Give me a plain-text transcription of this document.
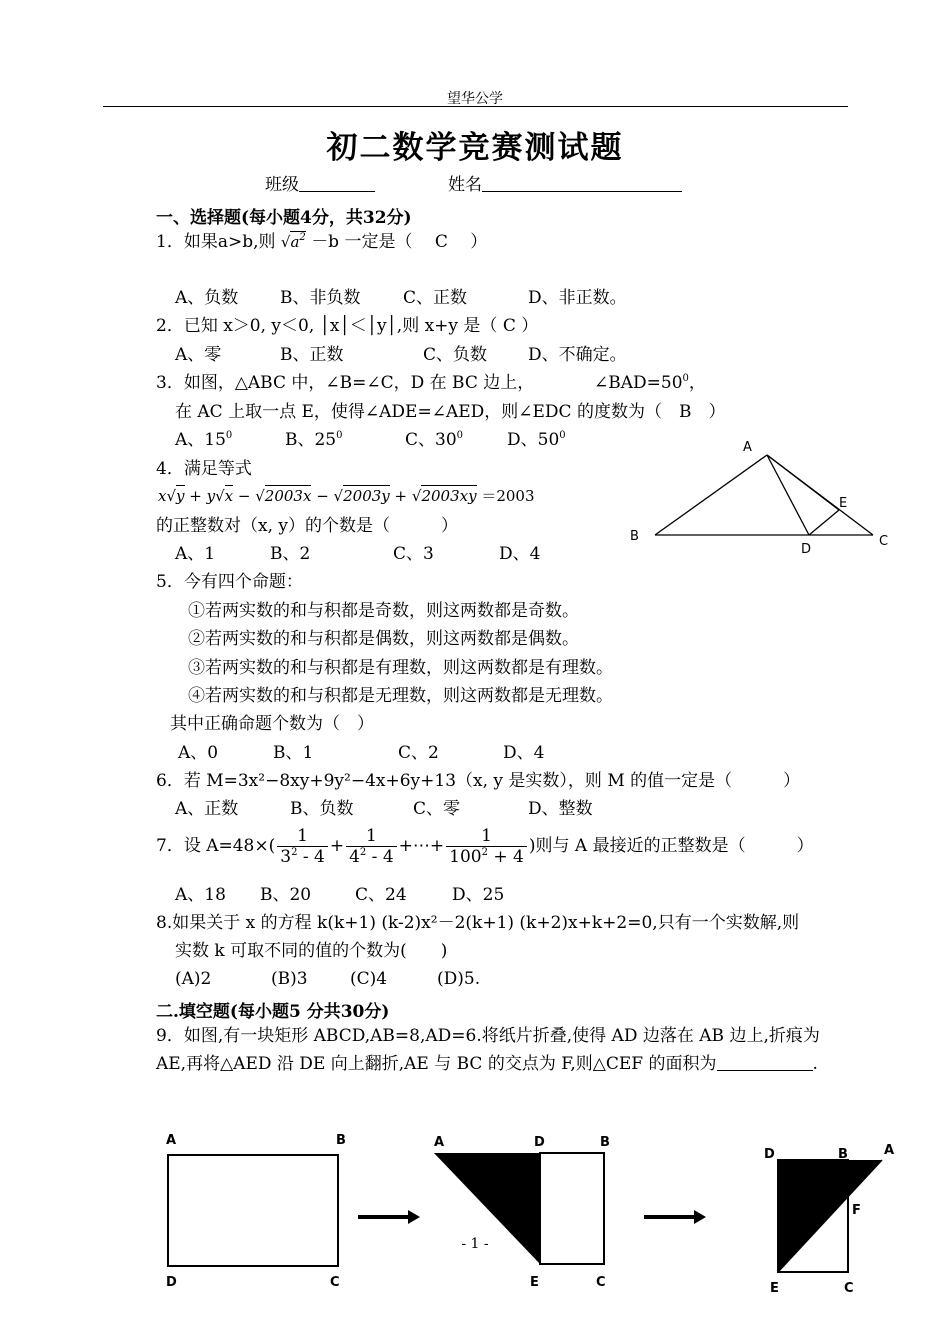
望华公学
初二数学竞赛测试题
班级	姓名
一、选择题(每小题4分，共32分)
1．如果a>b,则 $√a^2 -b$ 一定是（　 C　 ）
A、负数 B、非负数	C、正数	D、非正数。
2．已知 x＞0, y＜0, │x│＜│y│,则 x+y 是（ C ）
A、零	B、正数	C、负数 D、不确定。
3．如图，△ABC 中，∠B=∠C，D 在 BC 边上，	$\angle BAD=50^0$，
在 AC 上取一点 E，使得∠ADE=∠AED，则∠EDC 的度数为（　B　）
A、$15^0$	B、$25^0$	C、$30^0$	D、$50^0$
A
B	C
D
E
4．满足等式
x√y + y√x − √2003x − √2003y + √2003xy ＝2003
的正整数对（x, y）的个数是（　　　）
A、1	B、2	C、3	D、4
5．今有四个命题：
①若两实数的和与积都是奇数，则这两数都是奇数。
②若两实数的和与积都是偶数，则这两数都是偶数。
③若两实数的和与积都是有理数，则这两数都是有理数。
④若两实数的和与积都是无理数，则这两数都是无理数。
其中正确命题个数为（　）
A、0	B、1	C、2	D、4
6．若 M=3x²−8xy+9y²−4x+6y+13（x, y 是实数），则 M 的值一定是（　　　）
A、正数	B、负数	C、零	D、整数
7．设 $A=48\times( \frac{1}{3^2 - 4} + \frac{1}{4^2 - 4}$ +⋯+ $\frac{1}{100^2 + 4}$ )则与 A 最接近的正整数是（　　　）
A、18 B、20	C、24	D、25
8.如果关于 x 的方程 k(k+1) (k-2)x²－2(k+1) (k+2)x+k+2=0,只有一个实数解,则
实数 k 可取不同的值的个数为(　　)
(A)2	(B)3 (C)4	(D)5.
二.填空题(每小题5 分共30分)
9．如图,有一块矩形 ABCD,AB=8,AD=6.将纸片折叠,使得 AD 边落在 AB 边上,折痕为
AE,再将△AED 沿 DE 向上翻折,AE 与 BC 的交点为 F,则△CEF 的面积为	.
A	B
D	C
A	D	B
E	C
D	B	A
F
E	C
- 1 -
